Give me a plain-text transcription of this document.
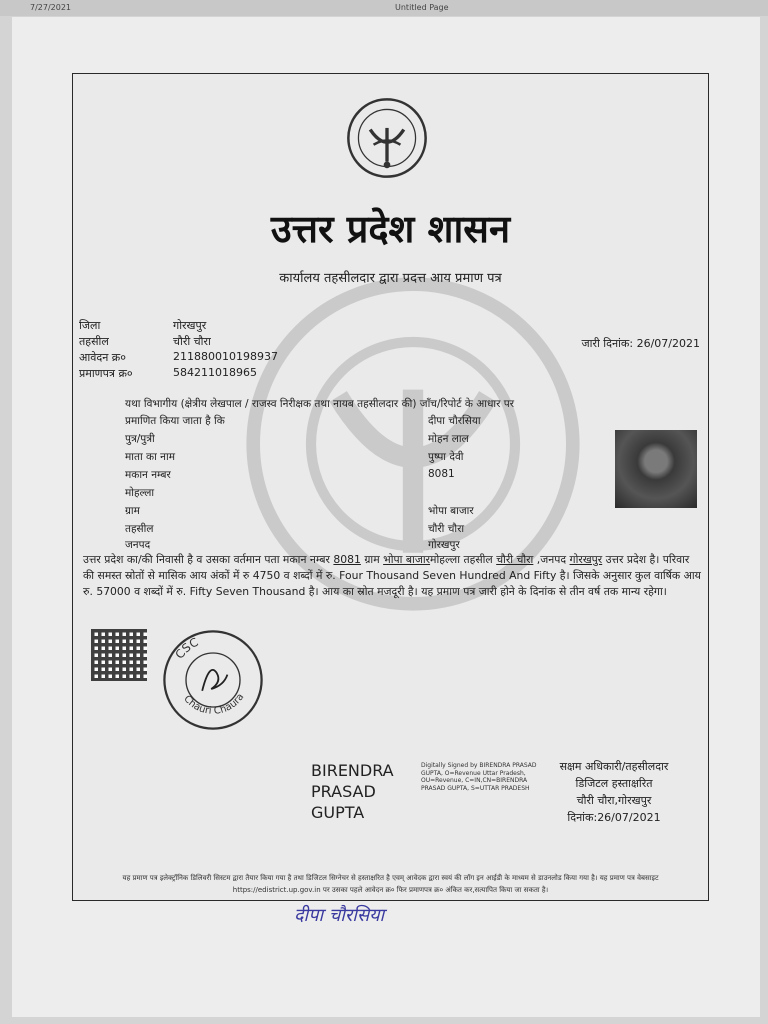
7/27/2021	Untitled Page
उत्तर प्रदेश शासन
कार्यालय तहसीलदार द्वारा प्रदत्त आय प्रमाण पत्र
जिला	गोरखपुर
तहसील	चौरी चौरा
आवेदन क्र०	211880010198937
प्रमाणपत्र क्र०	584211018965
जारी दिनांक: 26/07/2021
यथा विभागीय (क्षेत्रीय लेखपाल / राजस्व निरीक्षक तथा नायब तहसीलदार की) जाँच/रिपोर्ट के आधार पर
प्रमाणित किया जाता है कि	दीपा चौरसिया
पुत्र/पुत्री	मोहन लाल
माता का नाम	पुष्पा देवी
मकान नम्बर	8081
मोहल्ला
ग्राम	भोपा बाजार
तहसील	चौरी चौरा
जनपद	गोरखपुर
उत्तर प्रदेश का/की निवासी है व उसका वर्तमान पता मकान नम्बर 8081 ग्राम भोपा बाजारमोहल्ला तहसील चौरी चौरा ,जनपद गोरखपुर उत्तर प्रदेश है। परिवार की समस्त स्रोतों से मासिक आय अंकों में रु 4750 व शब्दों में रु. Four Thousand Seven Hundred And Fifty है। जिसके अनुसार कुल वार्षिक आय रु. 57000 व शब्दों में रु. Fifty Seven Thousand है। आय का स्रोत मजदूरी है। यह प्रमाण पत्र जारी होने के दिनांक से तीन वर्ष तक मान्य रहेगा।
CSC
Chauri Chaura
BIRENDRA
PRASAD
GUPTA
Digitally Signed by BIRENDRA PRASAD GUPTA, O=Revenue Uttar Pradesh, OU=Revenue, C=IN,CN=BIRENDRA PRASAD GUPTA, S=UTTAR PRADESH
सक्षम अधिकारी/तहसीलदार
डिजिटल हस्ताक्षरित
चौरी चौरा,गोरखपुर
दिनांक:26/07/2021
यह प्रमाण पत्र इलेक्ट्रॉनिक डिलिवरी सिस्टम द्वारा तैयार किया गया है तथा डिजिटल सिग्नेचर से हस्ताक्षरित है एवम् आवेदक द्वारा स्वयं की लॉग इन आईडी के माध्यम से डाउनलोड किया गया है। यह प्रमाण पत्र वेबसाइट https://edistrict.up.gov.in पर उसका पहले आवेदन क्र० फिर प्रमाणपत्र क्र० अंकित कर,सत्यापित किया जा सकता है।
दीपा चौरसिया
